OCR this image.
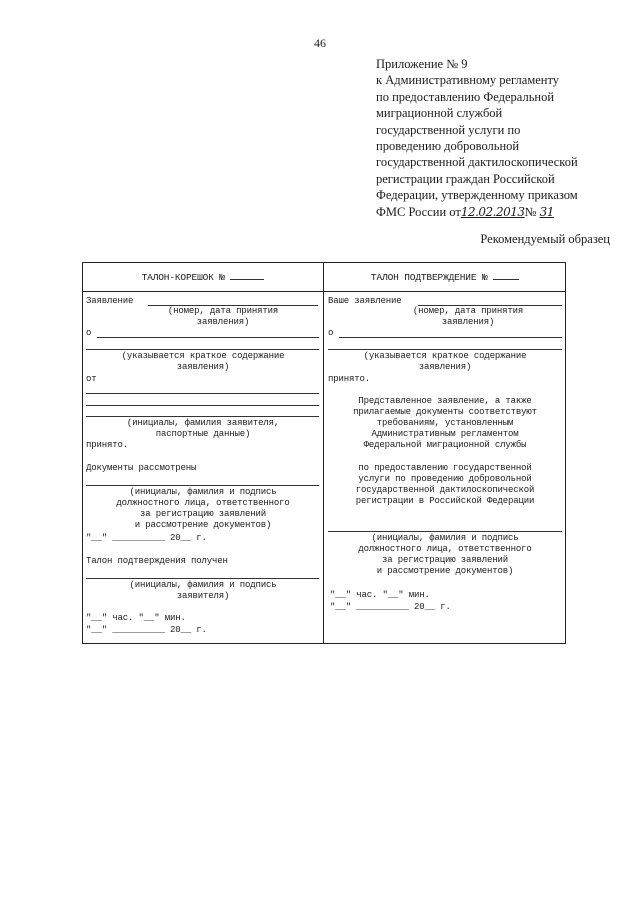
46
Приложение № 9
к Административному регламенту
по предоставлению Федеральной
миграционной службой
государственной услуги по
проведению добровольной
государственной дактилоскопической
регистрации граждан Российской
Федерации, утвержденному приказом
ФМС России от12.02.2013№ 31
Рекомендуемый образец
ТАЛОН-КОРЕШОК №
Заявление
(номер, дата принятия
заявления)
о
(указывается краткое содержание
заявления)
от
(инициалы, фамилия заявителя,
паспортные данные)
принято.
Документы рассмотрены
(инициалы, фамилия и подпись
должностного лица, ответственного
за регистрацию заявлений
и рассмотрение документов)
"__" __________ 20__ г.
Талон подтверждения получен
(инициалы, фамилия и подпись
заявителя)
"__" час. "__" мин.
"__" __________ 20__ г.
ТАЛОН ПОДТВЕРЖДЕНИЕ №
Ваше заявление
(номер, дата принятия
заявления)
о
(указывается краткое содержание
заявления)
принято.
Представленное заявление, а также
прилагаемые документы соответствуют
требованиям, установленным
Административным регламентом
Федеральной миграционной службы
по предоставлению государственной
услуги по проведению добровольной
государственной дактилоскопической
регистрации в Российской Федерации
(инициалы, фамилия и подпись
должностного лица, ответственного
за регистрацию заявлений
и рассмотрение документов)
"__" час. "__" мин.
"__" __________ 20__ г.
